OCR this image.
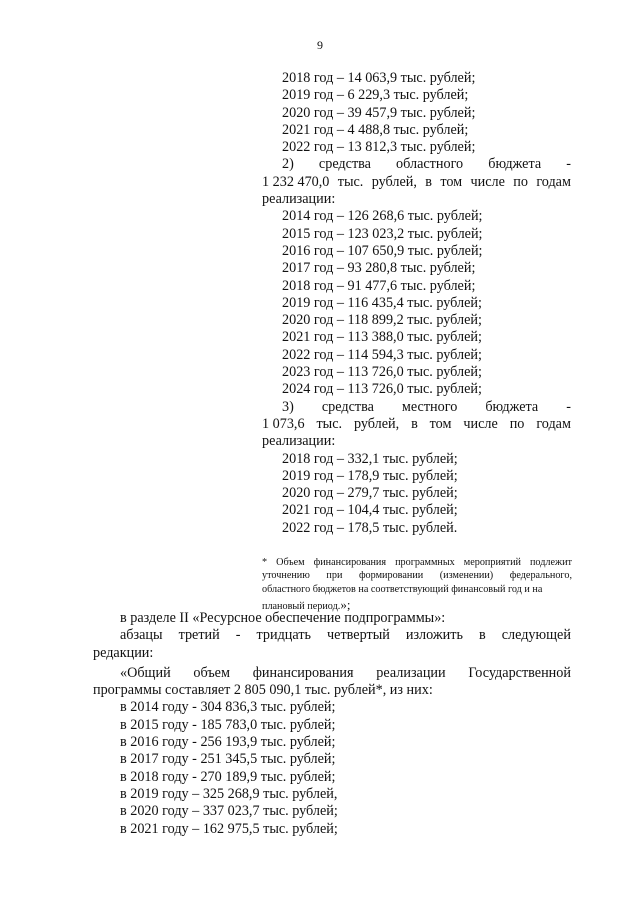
9
2018 год – 14 063,9 тыс. рублей;
2019 год – 6 229,3 тыс. рублей;
2020 год – 39 457,9 тыс. рублей;
2021 год – 4 488,8 тыс. рублей;
2022 год – 13 812,3 тыс. рублей;
2) средства областного бюджета -
1 232 470,0 тыс. рублей, в том числе по годам
реализации:
2014 год – 126 268,6 тыс. рублей;
2015 год – 123 023,2 тыс. рублей;
2016 год – 107 650,9 тыс. рублей;
2017 год – 93 280,8 тыс. рублей;
2018 год – 91 477,6 тыс. рублей;
2019 год – 116 435,4 тыс. рублей;
2020 год – 118 899,2 тыс. рублей;
2021 год – 113 388,0 тыс. рублей;
2022 год – 114 594,3 тыс. рублей;
2023 год – 113 726,0 тыс. рублей;
2024 год – 113 726,0 тыс. рублей;
3) средства местного бюджета -
1 073,6 тыс. рублей, в том числе по годам
реализации:
2018 год – 332,1 тыс. рублей;
2019 год – 178,9 тыс. рублей;
2020 год – 279,7 тыс. рублей;
2021 год – 104,4 тыс. рублей;
2022 год – 178,5 тыс. рублей.
* Объем финансирования программных мероприятий подлежит
уточнению при формировании (изменении) федерального,
областного бюджетов на соответствующий финансовый год и на
плановый период.»;
в разделе II «Ресурсное обеспечение подпрограммы»:
абзацы третий - тридцать четвертый изложить в следующей
редакции:
«Общий объем финансирования реализации Государственной
программы составляет 2 805 090,1 тыс. рублей*, из них:
в 2014 году - 304 836,3 тыс. рублей;
в 2015 году - 185 783,0 тыс. рублей;
в 2016 году - 256 193,9 тыс. рублей;
в 2017 году - 251 345,5 тыс. рублей;
в 2018 году - 270 189,9 тыс. рублей;
в 2019 году – 325 268,9 тыс. рублей,
в 2020 году – 337 023,7 тыс. рублей;
в 2021 году – 162 975,5 тыс. рублей;
